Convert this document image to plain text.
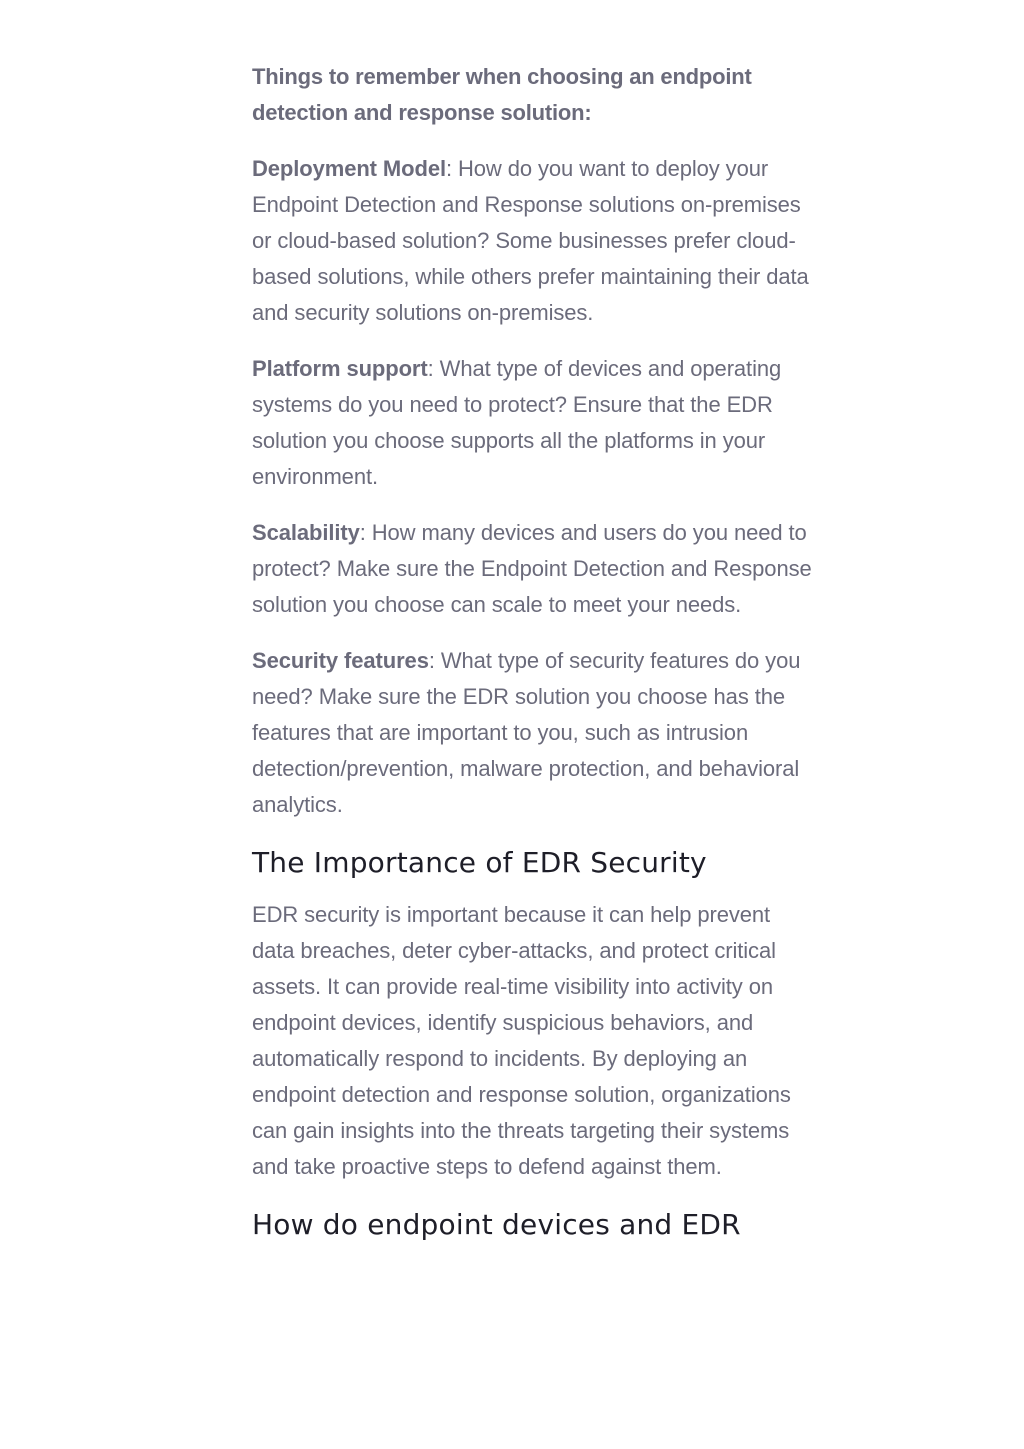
Things to remember when choosing an endpoint detection and response solution:

Deployment Model: How do you want to deploy your Endpoint Detection and Response solutions on-premises or cloud-based solution? Some businesses prefer cloud-based solutions, while others prefer maintaining their data and security solutions on-premises.

Platform support: What type of devices and operating systems do you need to protect? Ensure that the EDR solution you choose supports all the platforms in your environment.

Scalability: How many devices and users do you need to protect? Make sure the Endpoint Detection and Response solution you choose can scale to meet your needs.

Security features: What type of security features do you need? Make sure the EDR solution you choose has the features that are important to you, such as intrusion detection/prevention, malware protection, and behavioral analytics.

The Importance of EDR Security

EDR security is important because it can help prevent data breaches, deter cyber-attacks, and protect critical assets. It can provide real-time visibility into activity on endpoint devices, identify suspicious behaviors, and automatically respond to incidents. By deploying an endpoint detection and response solution, organizations can gain insights into the threats targeting their systems and take proactive steps to defend against them.

How do endpoint devices and EDR
